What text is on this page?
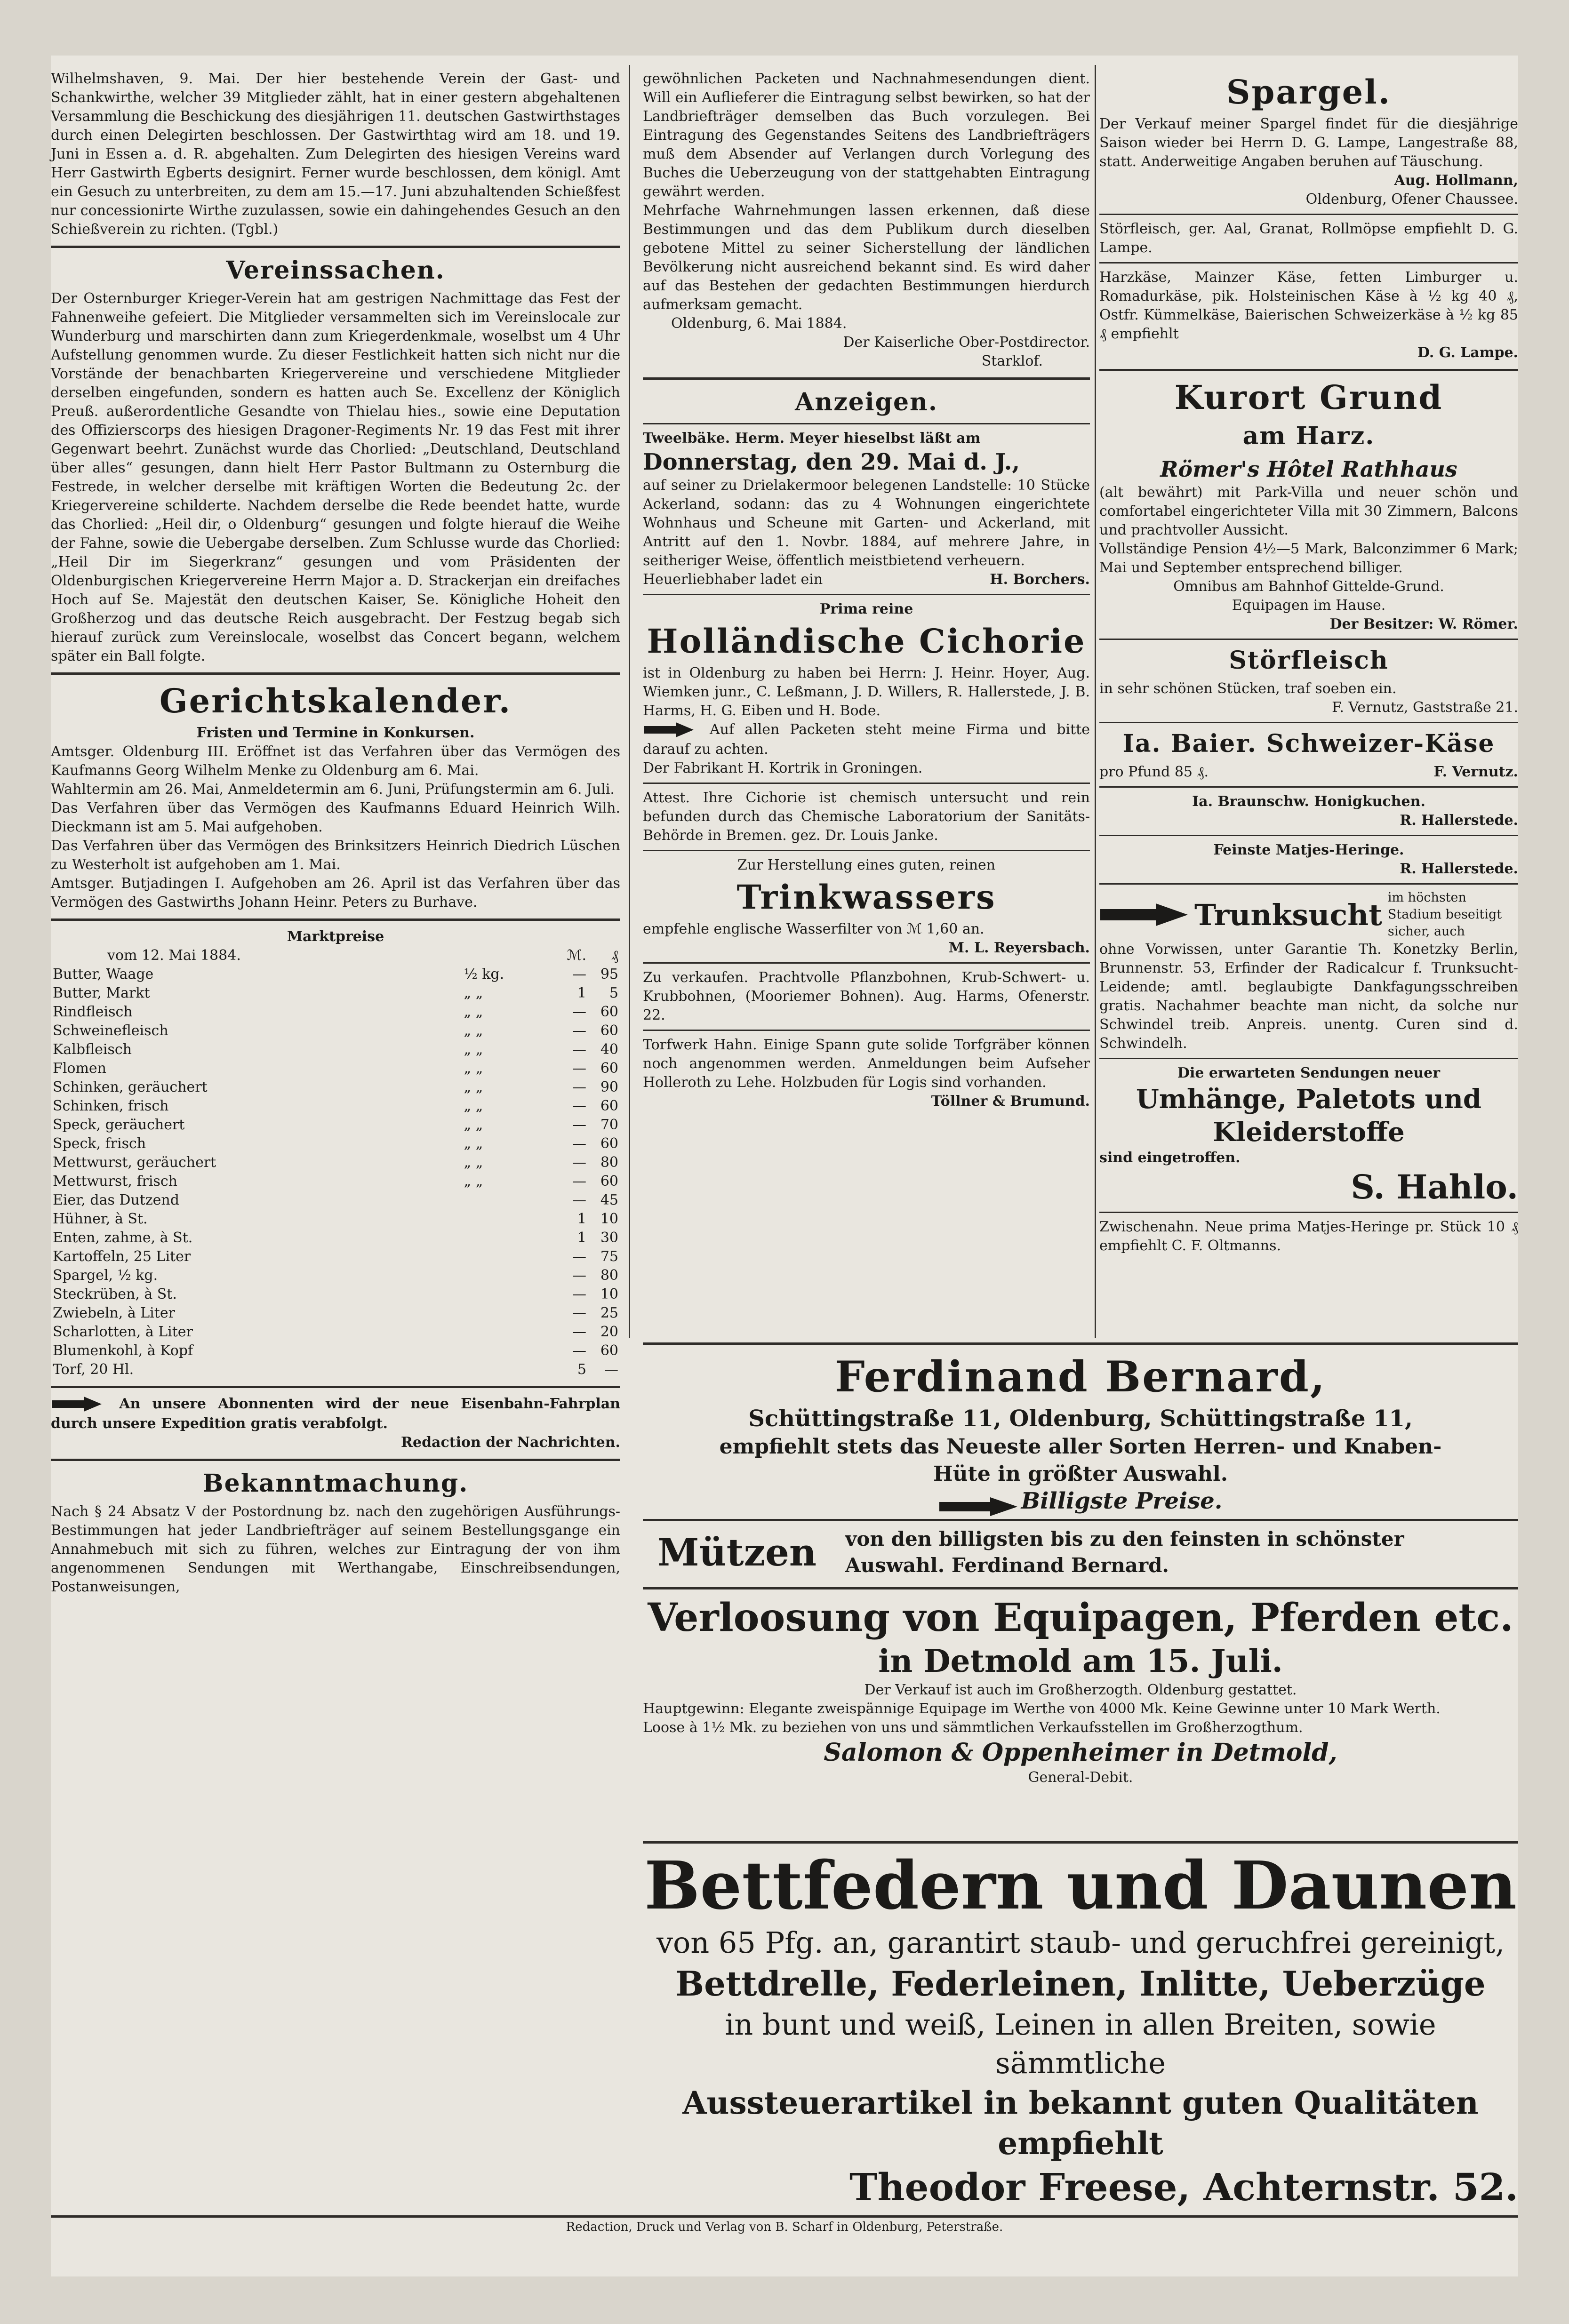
Wilhelmshaven, 9. Mai. Der hier bestehende Verein der Gast- und Schankwirthe, welcher 39 Mitglieder zählt, hat in einer gestern abgehaltenen Versammlung die Beschickung des diesjährigen 11. deutschen Gastwirthstages durch einen Delegirten beschlossen. Der Gastwirthtag wird am 18. und 19. Juni in Essen a. d. R. abgehalten. Zum Delegirten des hiesigen Vereins ward Herr Gastwirth Egberts designirt. Ferner wurde beschlossen, dem königl. Amt ein Gesuch zu unterbreiten, zu dem am 15.—17. Juni abzuhaltenden Schießfest nur concessionirte Wirthe zuzulassen, sowie ein dahingehendes Gesuch an den Schießverein zu richten. (Tgbl.)

Vereinssachen.

Der Osternburger Krieger-Verein hat am gestrigen Nachmittage das Fest der Fahnenweihe gefeiert. Die Mitglieder versammelten sich im Vereinslocale zur Wunderburg und marschirten dann zum Kriegerdenkmale, woselbst um 4 Uhr Aufstellung genommen wurde. Zu dieser Festlichkeit hatten sich nicht nur die Vorstände der benachbarten Kriegervereine und verschiedene Mitglieder derselben eingefunden, sondern es hatten auch Se. Excellenz der Königlich Preuß. außerordentliche Gesandte von Thielau hies., sowie eine Deputation des Offizierscorps des hiesigen Dragoner-Regiments Nr. 19 das Fest mit ihrer Gegenwart beehrt. Zunächst wurde das Chorlied: „Deutschland, Deutschland über alles“ gesungen, dann hielt Herr Pastor Bultmann zu Osternburg die Festrede, in welcher derselbe mit kräftigen Worten die Bedeutung 2c. der Kriegervereine schilderte. Nachdem derselbe die Rede beendet hatte, wurde das Chorlied: „Heil dir, o Oldenburg“ gesungen und folgte hierauf die Weihe der Fahne, sowie die Uebergabe derselben. Zum Schlusse wurde das Chorlied: „Heil Dir im Siegerkranz“ gesungen und vom Präsidenten der Oldenburgischen Kriegervereine Herrn Major a. D. Strackerjan ein dreifaches Hoch auf Se. Majestät den deutschen Kaiser, Se. Königliche Hoheit den Großherzog und das deutsche Reich ausgebracht. Der Festzug begab sich hierauf zurück zum Vereinslocale, woselbst das Concert begann, welchem später ein Ball folgte.

Gerichtskalender.
Fristen und Termine in Konkursen.

Amtsger. Oldenburg III. Eröffnet ist das Verfahren über das Vermögen des Kaufmanns Georg Wilhelm Menke zu Oldenburg am 6. Mai.

Wahltermin am 26. Mai, Anmeldetermin am 6. Juni, Prüfungstermin am 6. Juli.

Das Verfahren über das Vermögen des Kaufmanns Eduard Heinrich Wilh. Dieckmann ist am 5. Mai aufgehoben.

Das Verfahren über das Vermögen des Brinksitzers Heinrich Diedrich Lüschen zu Westerholt ist aufgehoben am 1. Mai.

Amtsger. Butjadingen I. Aufgehoben am 26. April ist das Verfahren über das Vermögen des Gastwirths Johann Heinr. Peters zu Burhave.

Marktpreise
vom 12. Mai 1884.		ℳ.	₰
Butter, Waage	½ kg.	—	95
Butter, Markt	„ „	1	5
Rindfleisch	„ „	—	60
Schweinefleisch	„ „	—	60
Kalbfleisch	„ „	—	40
Flomen	„ „	—	60
Schinken, geräuchert	„ „	—	90
Schinken, frisch	„ „	—	60
Speck, geräuchert	„ „	—	70
Speck, frisch	„ „	—	60
Mettwurst, geräuchert	„ „	—	80
Mettwurst, frisch	„ „	—	60
Eier, das Dutzend		—	45
Hühner, à St.		1	10
Enten, zahme, à St.		1	30
Kartoffeln, 25 Liter		—	75
Spargel, ½ kg.		—	80
Steckrüben, à St.		—	10
Zwiebeln, à Liter		—	25
Scharlotten, à Liter		—	20
Blumenkohl, à Kopf		—	60
Torf, 20 Hl.		5	—

An unsere Abonnenten wird der neue Eisenbahn-Fahrplan durch unsere Expedition gratis verabfolgt.

Redaction der Nachrichten.

Bekanntmachung.

Nach § 24 Absatz V der Postordnung bz. nach den zugehörigen Ausführungs-Bestimmungen hat jeder Landbriefträger auf seinem Bestellungsgange ein Annahmebuch mit sich zu führen, welches zur Eintragung der von ihm angenommenen Sendungen mit Werthangabe, Einschreibsendungen, Postanweisungen,

gewöhnlichen Packeten und Nachnahmesendungen dient. Will ein Auflieferer die Eintragung selbst bewirken, so hat der Landbriefträger demselben das Buch vorzulegen. Bei Eintragung des Gegenstandes Seitens des Landbriefträgers muß dem Absender auf Verlangen durch Vorlegung des Buches die Ueberzeugung von der stattgehabten Eintragung gewährt werden.

Mehrfache Wahrnehmungen lassen erkennen, daß diese Bestimmungen und das dem Publikum durch dieselben gebotene Mittel zu seiner Sicherstellung der ländlichen Bevölkerung nicht ausreichend bekannt sind. Es wird daher auf das Bestehen der gedachten Bestimmungen hierdurch aufmerksam gemacht.

Oldenburg, 6. Mai 1884.

Der Kaiserliche Ober-Postdirector.

Starklof.

Anzeigen.

Tweelbäke. Herm. Meyer hieselbst läßt am

Donnerstag, den 29. Mai d. J.,

auf seiner zu Drielakermoor belegenen Landstelle: 10 Stücke Ackerland, sodann: das zu 4 Wohnungen eingerichtete Wohnhaus und Scheune mit Garten- und Ackerland, mit Antritt auf den 1. Novbr. 1884, auf mehrere Jahre, in seitheriger Weise, öffentlich meistbietend verheuern.

Heuerliebhaber ladet ein	H. Borchers.
Prima reine
Holländische Cichorie

ist in Oldenburg zu haben bei Herrn: J. Heinr. Hoyer, Aug. Wiemken junr., C. Leßmann, J. D. Willers, R. Hallerstede, J. B. Harms, H. G. Eiben und H. Bode.

Auf allen Packeten steht meine Firma und bitte darauf zu achten.

Der Fabrikant H. Kortrik in Groningen.

Attest. Ihre Cichorie ist chemisch untersucht und rein befunden durch das Chemische Laboratorium der Sanitäts-Behörde in Bremen. gez. Dr. Louis Janke.

Zur Herstellung eines guten, reinen
Trinkwassers

empfehle englische Wasserfilter von ℳ 1,60 an.

M. L. Reyersbach.

Zu verkaufen. Prachtvolle Pflanzbohnen, Krub-Schwert- u. Krubbohnen, (Mooriemer Bohnen). Aug. Harms, Ofenerstr. 22.

Torfwerk Hahn. Einige Spann gute solide Torfgräber können noch angenommen werden. Anmeldungen beim Aufseher Holleroth zu Lehe. Holzbuden für Logis sind vorhanden.

Töllner & Brumund.

Spargel.

Der Verkauf meiner Spargel findet für die diesjährige Saison wieder bei Herrn D. G. Lampe, Langestraße 88, statt. Anderweitige Angaben beruhen auf Täuschung.

Aug. Hollmann,

Oldenburg, Ofener Chaussee.

Störfleisch, ger. Aal, Granat, Rollmöpse empfiehlt D. G. Lampe.

Harzkäse, Mainzer Käse, fetten Limburger u. Romadurkäse, pik. Holsteinischen Käse à ½ kg 40 ₰, Ostfr. Kümmelkäse, Baierischen Schweizerkäse à ½ kg 85 ₰ empfiehlt

D. G. Lampe.

Kurort Grund
am Harz.
Römer's Hôtel Rathhaus

(alt bewährt) mit Park-Villa und neuer schön und comfortabel eingerichteter Villa mit 30 Zimmern, Balcons und prachtvoller Aussicht.

Vollständige Pension 4½—5 Mark, Balconzimmer 6 Mark; Mai und September entsprechend billiger.

Omnibus am Bahnhof Gittelde-Grund.

Equipagen im Hause.

Der Besitzer: W. Römer.

Störfleisch

in sehr schönen Stücken, traf soeben ein.

F. Vernutz, Gaststraße 21.

Ia. Baier. Schweizer-Käse
pro Pfund 85 ₰.	F. Vernutz.

Ia. Braunschw. Honigkuchen.

R. Hallerstede.

Feinste Matjes-Heringe.

R. Hallerstede.

Trunksucht im höchsten Stadium beseitigt sicher, auch

ohne Vorwissen, unter Garantie Th. Konetzky Berlin, Brunnenstr. 53, Erfinder der Radicalcur f. Trunksucht-Leidende; amtl. beglaubigte Dankfagungsschreiben gratis. Nachahmer beachte man nicht, da solche nur Schwindel treib. Anpreis. unentg. Curen sind d. Schwindelh.

Die erwarteten Sendungen neuer
Umhänge, Paletots und
Kleiderstoffe

sind eingetroffen.

S. Hahlo.

Zwischenahn. Neue prima Matjes-Heringe pr. Stück 10 ₰ empfiehlt C. F. Oltmanns.

Ferdinand Bernard,
Schüttingstraße 11, Oldenburg, Schüttingstraße 11,
empfiehlt stets das Neueste aller Sorten Herren- und Knaben-
Hüte in größter Auswahl.
Billigste Preise.
Mützen	von den billigsten bis zu den feinsten in schönster
Auswahl. Ferdinand Bernard.
Verloosung von Equipagen, Pferden etc.
in Detmold am 15. Juli.

Der Verkauf ist auch im Großherzogth. Oldenburg gestattet.

Hauptgewinn: Elegante zweispännige Equipage im Werthe von 4000 Mk. Keine Gewinne unter 10 Mark Werth.

Loose à 1½ Mk. zu beziehen von uns und sämmtlichen Verkaufsstellen im Großherzogthum.

Salomon & Oppenheimer in Detmold,

General-Debit.

Bettfedern und Daunen
von 65 Pfg. an, garantirt staub- und geruchfrei gereinigt,
Bettdrelle, Federleinen, Inlitte, Ueberzüge
in bunt und weiß, Leinen in allen Breiten, sowie sämmtliche
Aussteuerartikel in bekannt guten Qualitäten empfiehlt
Theodor Freese, Achternstr. 52.
Redaction, Druck und Verlag von B. Scharf in Oldenburg, Peterstraße.
